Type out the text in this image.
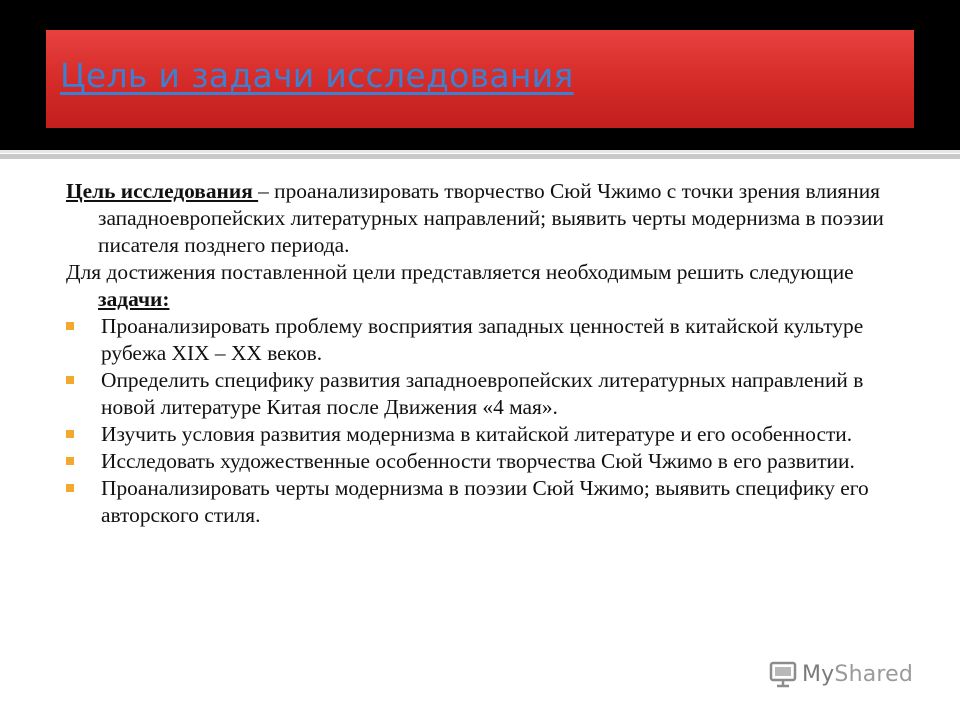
Цель и задачи исследования

Цель исследования – проанализировать творчество Сюй Чжимо с точки зрения влияния западноевропейских литературных направлений; выявить черты модернизма в поэзии писателя позднего периода.

Для достижения поставленной цели представляется необходимым решить следующие задачи:

Проанализировать проблему восприятия западных ценностей в китайской культуре рубежа XIX – XX веков.
Определить специфику развития западноевропейских литературных направлений в новой литературе Китая после Движения «4 мая».
Изучить условия развития модернизма в китайской литературе и его особенности.
Исследовать художественные особенности творчества Сюй Чжимо в его развитии.
Проанализировать черты модернизма в поэзии Сюй Чжимо; выявить специфику его авторского стиля.
MyShared
